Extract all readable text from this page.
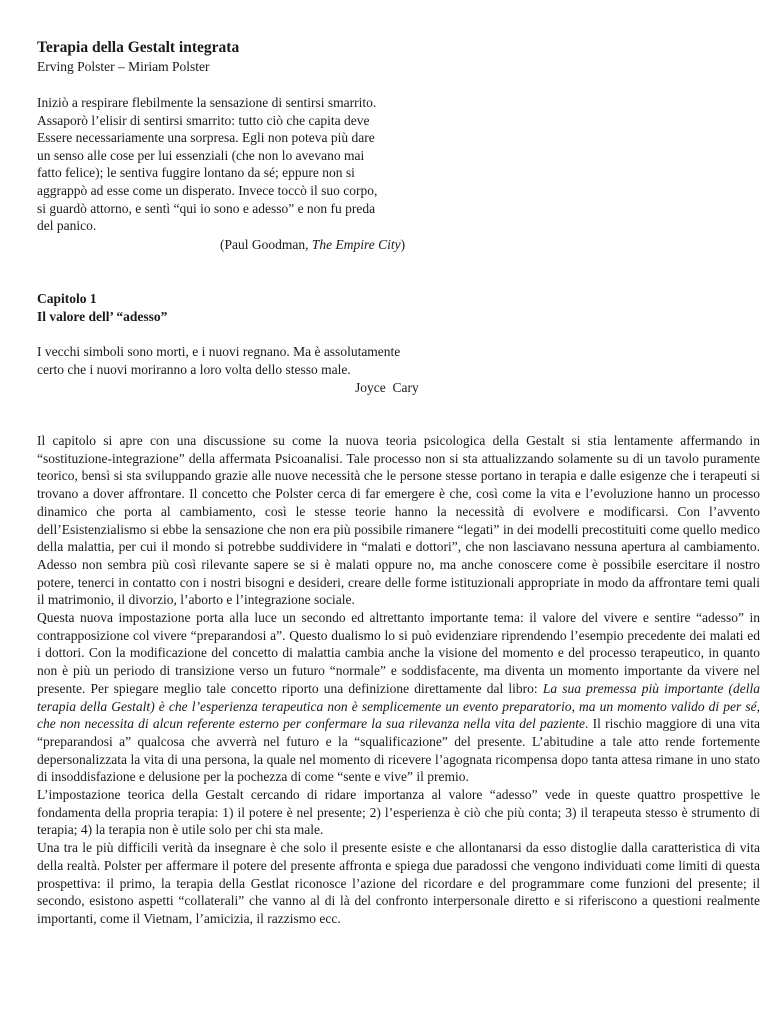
Terapia della Gestalt integrata
Erving Polster – Miriam Polster
Iniziò a respirare flebilmente la sensazione di sentirsi smarrito.
Assaporò l’elisir di sentirsi smarrito: tutto ciò che capita deve
Essere necessariamente una sorpresa. Egli non poteva più dare
un senso alle cose per lui essenziali (che non lo avevano mai
fatto felice); le sentiva fuggire lontano da sé; eppure non si
aggrappò ad esse come un disperato. Invece toccò il suo corpo,
si guardò attorno, e sentì “qui io sono e adesso” e non fu preda
del panico.
(Paul Goodman, The Empire City)
Capitolo 1
Il valore dell’ “adesso”
I vecchi simboli sono morti, e i nuovi regnano. Ma è assolutamente
certo che i nuovi moriranno a loro volta dello stesso male.
Joyce  Cary

Il capitolo si apre con una discussione su come la nuova teoria psicologica della Gestalt si stia lentamente affermando in “sostituzione-integrazione” della affermata Psicoanalisi. Tale processo non si sta attualizzando solamente su di un tavolo puramente teorico, bensì si sta sviluppando grazie alle nuove necessità che le persone stesse portano in terapia e dalle esigenze che i terapeuti si trovano a dover affrontare. Il concetto che Polster cerca di far emergere è che, così come la vita e l’evoluzione hanno un processo dinamico che porta al cambiamento, così le stesse teorie hanno la necessità di evolvere e modificarsi. Con l’avvento dell’Esistenzialismo si ebbe la sensazione che non era più possibile rimanere “legati” in dei modelli precostituiti come quello medico della malattia, per cui il mondo si potrebbe suddividere in “malati e dottori”, che non lasciavano nessuna apertura al cambiamento. Adesso non sembra più così rilevante sapere se si è malati oppure no, ma anche conoscere come è possibile esercitare il nostro potere, tenerci in contatto con i nostri bisogni e desideri, creare delle forme istituzionali appropriate in modo da affrontare temi quali il matrimonio, il divorzio, l’aborto e l’integrazione sociale.

Questa nuova impostazione porta alla luce un secondo ed altrettanto importante tema: il valore del vivere e sentire “adesso” in contrapposizione col vivere “preparandosi a”. Questo dualismo lo si può evidenziare riprendendo l’esempio precedente dei malati ed i dottori. Con la modificazione del concetto di malattia cambia anche la visione del momento e del processo terapeutico, in quanto non è più un periodo di transizione verso un futuro “normale” e soddisfacente, ma diventa un momento importante da vivere nel presente. Per spiegare meglio tale concetto riporto una definizione direttamente dal libro: La sua premessa più importante (della terapia della Gestalt) è che l’esperienza terapeutica non è semplicemente un evento preparatorio, ma un momento valido di per sé, che non necessita di alcun referente esterno per confermare la sua rilevanza nella vita del paziente. Il rischio maggiore di una vita “preparandosi a” qualcosa che avverrà nel futuro e la “squalificazione” del presente. L’abitudine a tale atto rende fortemente depersonalizzata la vita di una persona, la quale nel momento di ricevere l’agognata ricompensa dopo tanta attesa rimane in uno stato di insoddisfazione e delusione per la pochezza di come “sente e vive” il premio.

L’impostazione teorica della Gestalt cercando di ridare importanza al valore “adesso” vede in queste quattro prospettive le fondamenta della propria terapia: 1) il potere è nel presente; 2) l’esperienza è ciò che più conta; 3) il terapeuta stesso è strumento di terapia; 4) la terapia non è utile solo per chi sta male.

Una tra le più difficili verità da insegnare è che solo il presente esiste e che allontanarsi da esso distoglie dalla caratteristica di vita della realtà. Polster per affermare il potere del presente affronta e spiega due paradossi che vengono individuati come limiti di questa prospettiva: il primo, la terapia della Gestlat riconosce l’azione del ricordare e del programmare come funzioni del presente; il secondo, esistono aspetti “collaterali” che vanno al di là del confronto interpersonale diretto e si riferiscono a questioni realmente importanti, come il Vietnam, l’amicizia, il razzismo ecc.
